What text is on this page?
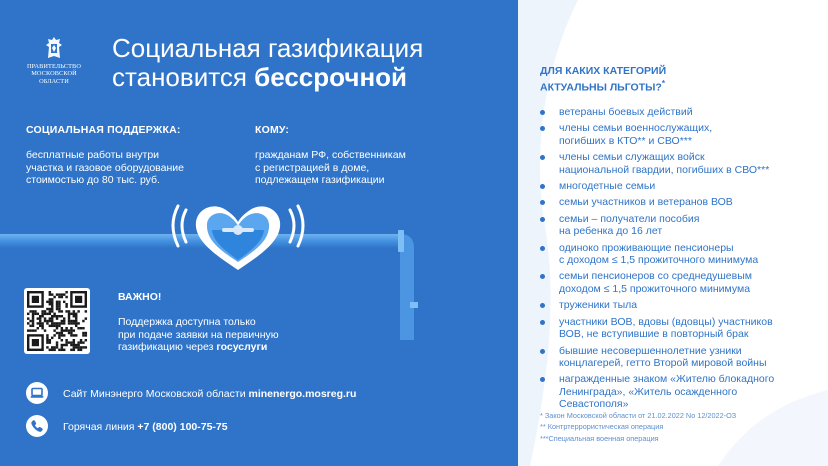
ПРАВИТЕЛЬСТВО
МОСКОВСКОЙ
ОБЛАСТИ
Социальная газификация
становится бессрочной
СОЦИАЛЬНАЯ ПОДДЕРЖКА:
бесплатные работы внутри
участка и газовое оборудование
стоимостью до 80 тыс. руб.
КОМУ:
гражданам РФ, собственникам
с регистрацией в доме,
подлежащем газификации
ВАЖНО!
Поддержка доступна только
при подаче заявки на первичную
газификацию через госуслуги
Сайт Минэнерго Московской области minenergo.mosreg.ru
Горячая линия +7 (800) 100-75-75
ДЛЯ КАКИХ КАТЕГОРИЙ
АКТУАЛЬНЫ ЛЬГОТЫ?*
ветераны боевых действий
члены семьи военнослужащих,
погибших в КТО** и СВО***
члены семьи служащих войск
национальной гвардии, погибших в СВО***
многодетные семьи
семьи участников и ветеранов ВОВ
семьи – получатели пособия
на ребенка до 16 лет
одиноко проживающие пенсионеры
с доходом ≤ 1,5 прожиточного минимума
семьи пенсионеров со среднедушевым
доходом ≤ 1,5 прожиточного минимума
труженики тыла
участники ВОВ, вдовы (вдовцы) участников
ВОВ, не вступившие в повторный брак
бывшие несовершеннолетние узники
концлагерей, гетто Второй мировой войны
награжденные знаком «Жителю блокадного
Ленинграда», «Житель осажденного
Севастополя»
* Закон Московской области от 21.02.2022 No 12/2022-ОЗ
** Контртеррористическая операция
***Специальная военная операция
